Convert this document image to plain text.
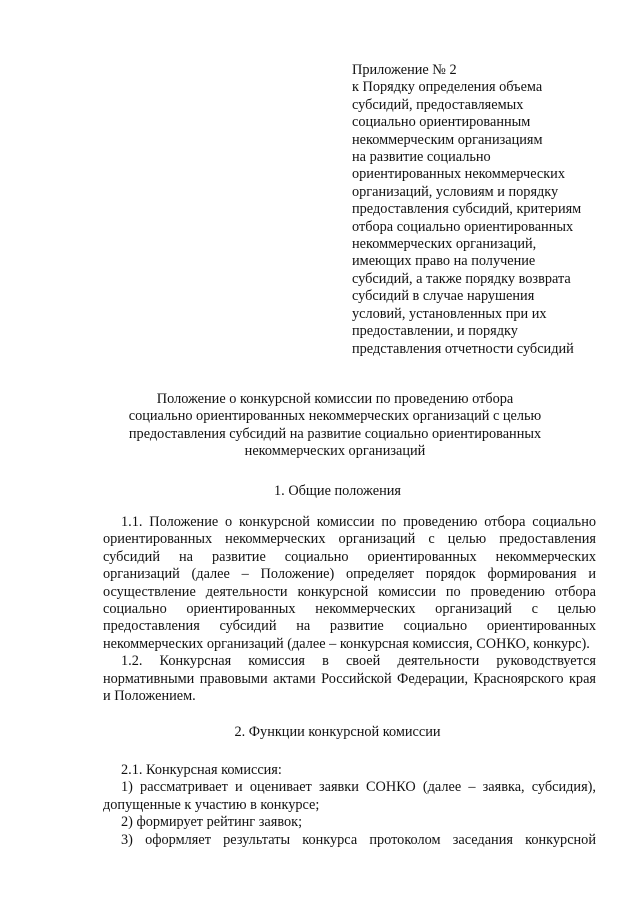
Приложение № 2
к Порядку определения объема
субсидий, предоставляемых
социально ориентированным
некоммерческим организациям
на развитие социально
ориентированных некоммерческих
организаций, условиям и порядку
предоставления субсидий, критериям
отбора социально ориентированных
некоммерческих организаций,
имеющих право на получение
субсидий, а также порядку возврата
субсидий в случае нарушения
условий, установленных при их
предоставлении, и порядку
представления отчетности субсидий
Положение о конкурсной комиссии по проведению отбора
социально ориентированных некоммерческих организаций с целью
предоставления субсидий на развитие социально ориентированных
некоммерческих организаций
1. Общие положения
1.1. Положение о конкурсной комиссии по проведению отбора социально
ориентированных некоммерческих организаций с целью предоставления
субсидий на развитие социально ориентированных некоммерческих
организаций (далее – Положение) определяет порядок формирования и
осуществление деятельности конкурсной комиссии по проведению отбора
социально ориентированных некоммерческих организаций с целью
предоставления субсидий на развитие социально ориентированных
некоммерческих организаций (далее – конкурсная комиссия, СОНКО, конкурс).
1.2. Конкурсная комиссия в своей деятельности руководствуется
нормативными правовыми актами Российской Федерации, Красноярского края
и Положением.
2. Функции конкурсной комиссии
2.1. Конкурсная комиссия:
1) рассматривает и оценивает заявки СОНКО (далее – заявка, субсидия),
допущенные к участию в конкурсе;
2) формирует рейтинг заявок;
3) оформляет результаты конкурса протоколом заседания конкурсной
